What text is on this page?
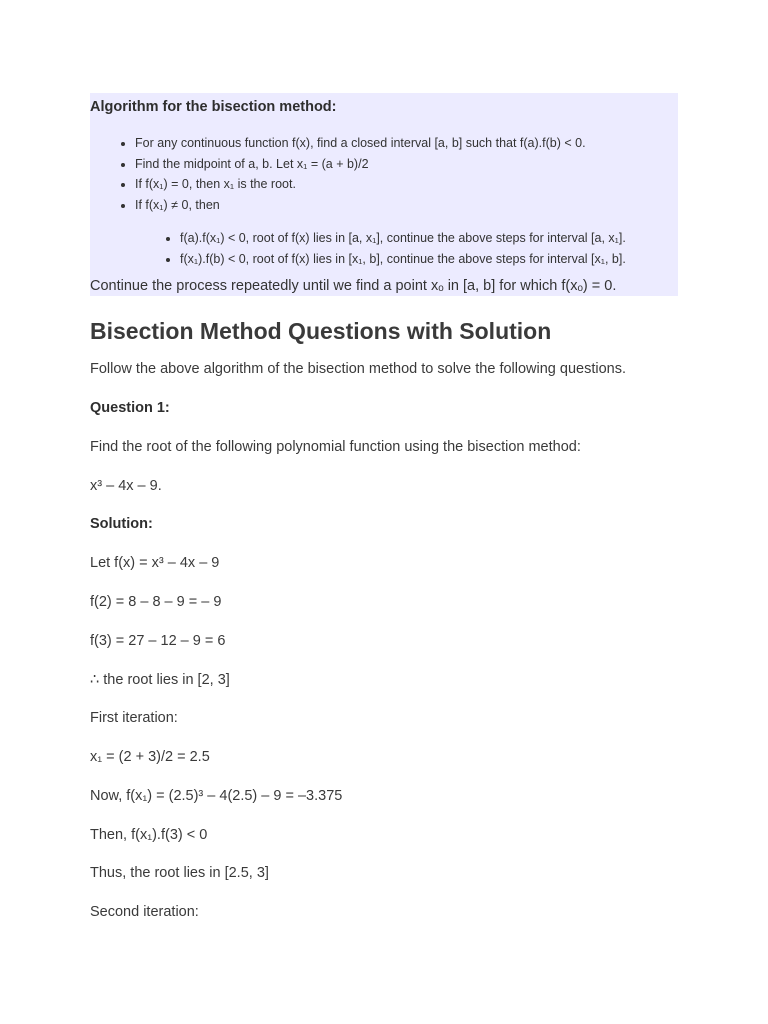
Algorithm for the bisection method:
• For any continuous function f(x), find a closed interval [a, b] such that f(a).f(b) < 0.
• Find the midpoint of a, b. Let x₁ = (a + b)/2
• If f(x₁) = 0, then x₁ is the root.
• If f(x₁) ≠ 0, then
• f(a).f(x₁) < 0, root of f(x) lies in [a, x₁], continue the above steps for interval [a, x₁].
• f(x₁).f(b) < 0, root of f(x) lies in [x₁, b], continue the above steps for interval [x₁, b].
Continue the process repeatedly until we find a point xₒ in [a, b] for which f(xₒ) = 0.
Bisection Method Questions with Solution

Follow the above algorithm of the bisection method to solve the following questions.

Question 1:

Find the root of the following polynomial function using the bisection method:

x³ – 4x – 9.

Solution:

Let f(x) = x³ – 4x – 9

f(2) = 8 – 8 – 9 = – 9

f(3) = 27 – 12 – 9 = 6

∴ the root lies in [2, 3]

First iteration:

x₁ = (2 + 3)/2 = 2.5

Now, f(x₁) = (2.5)³ – 4(2.5) – 9 = –3.375

Then, f(x₁).f(3) < 0

Thus, the root lies in [2.5, 3]

Second iteration:
